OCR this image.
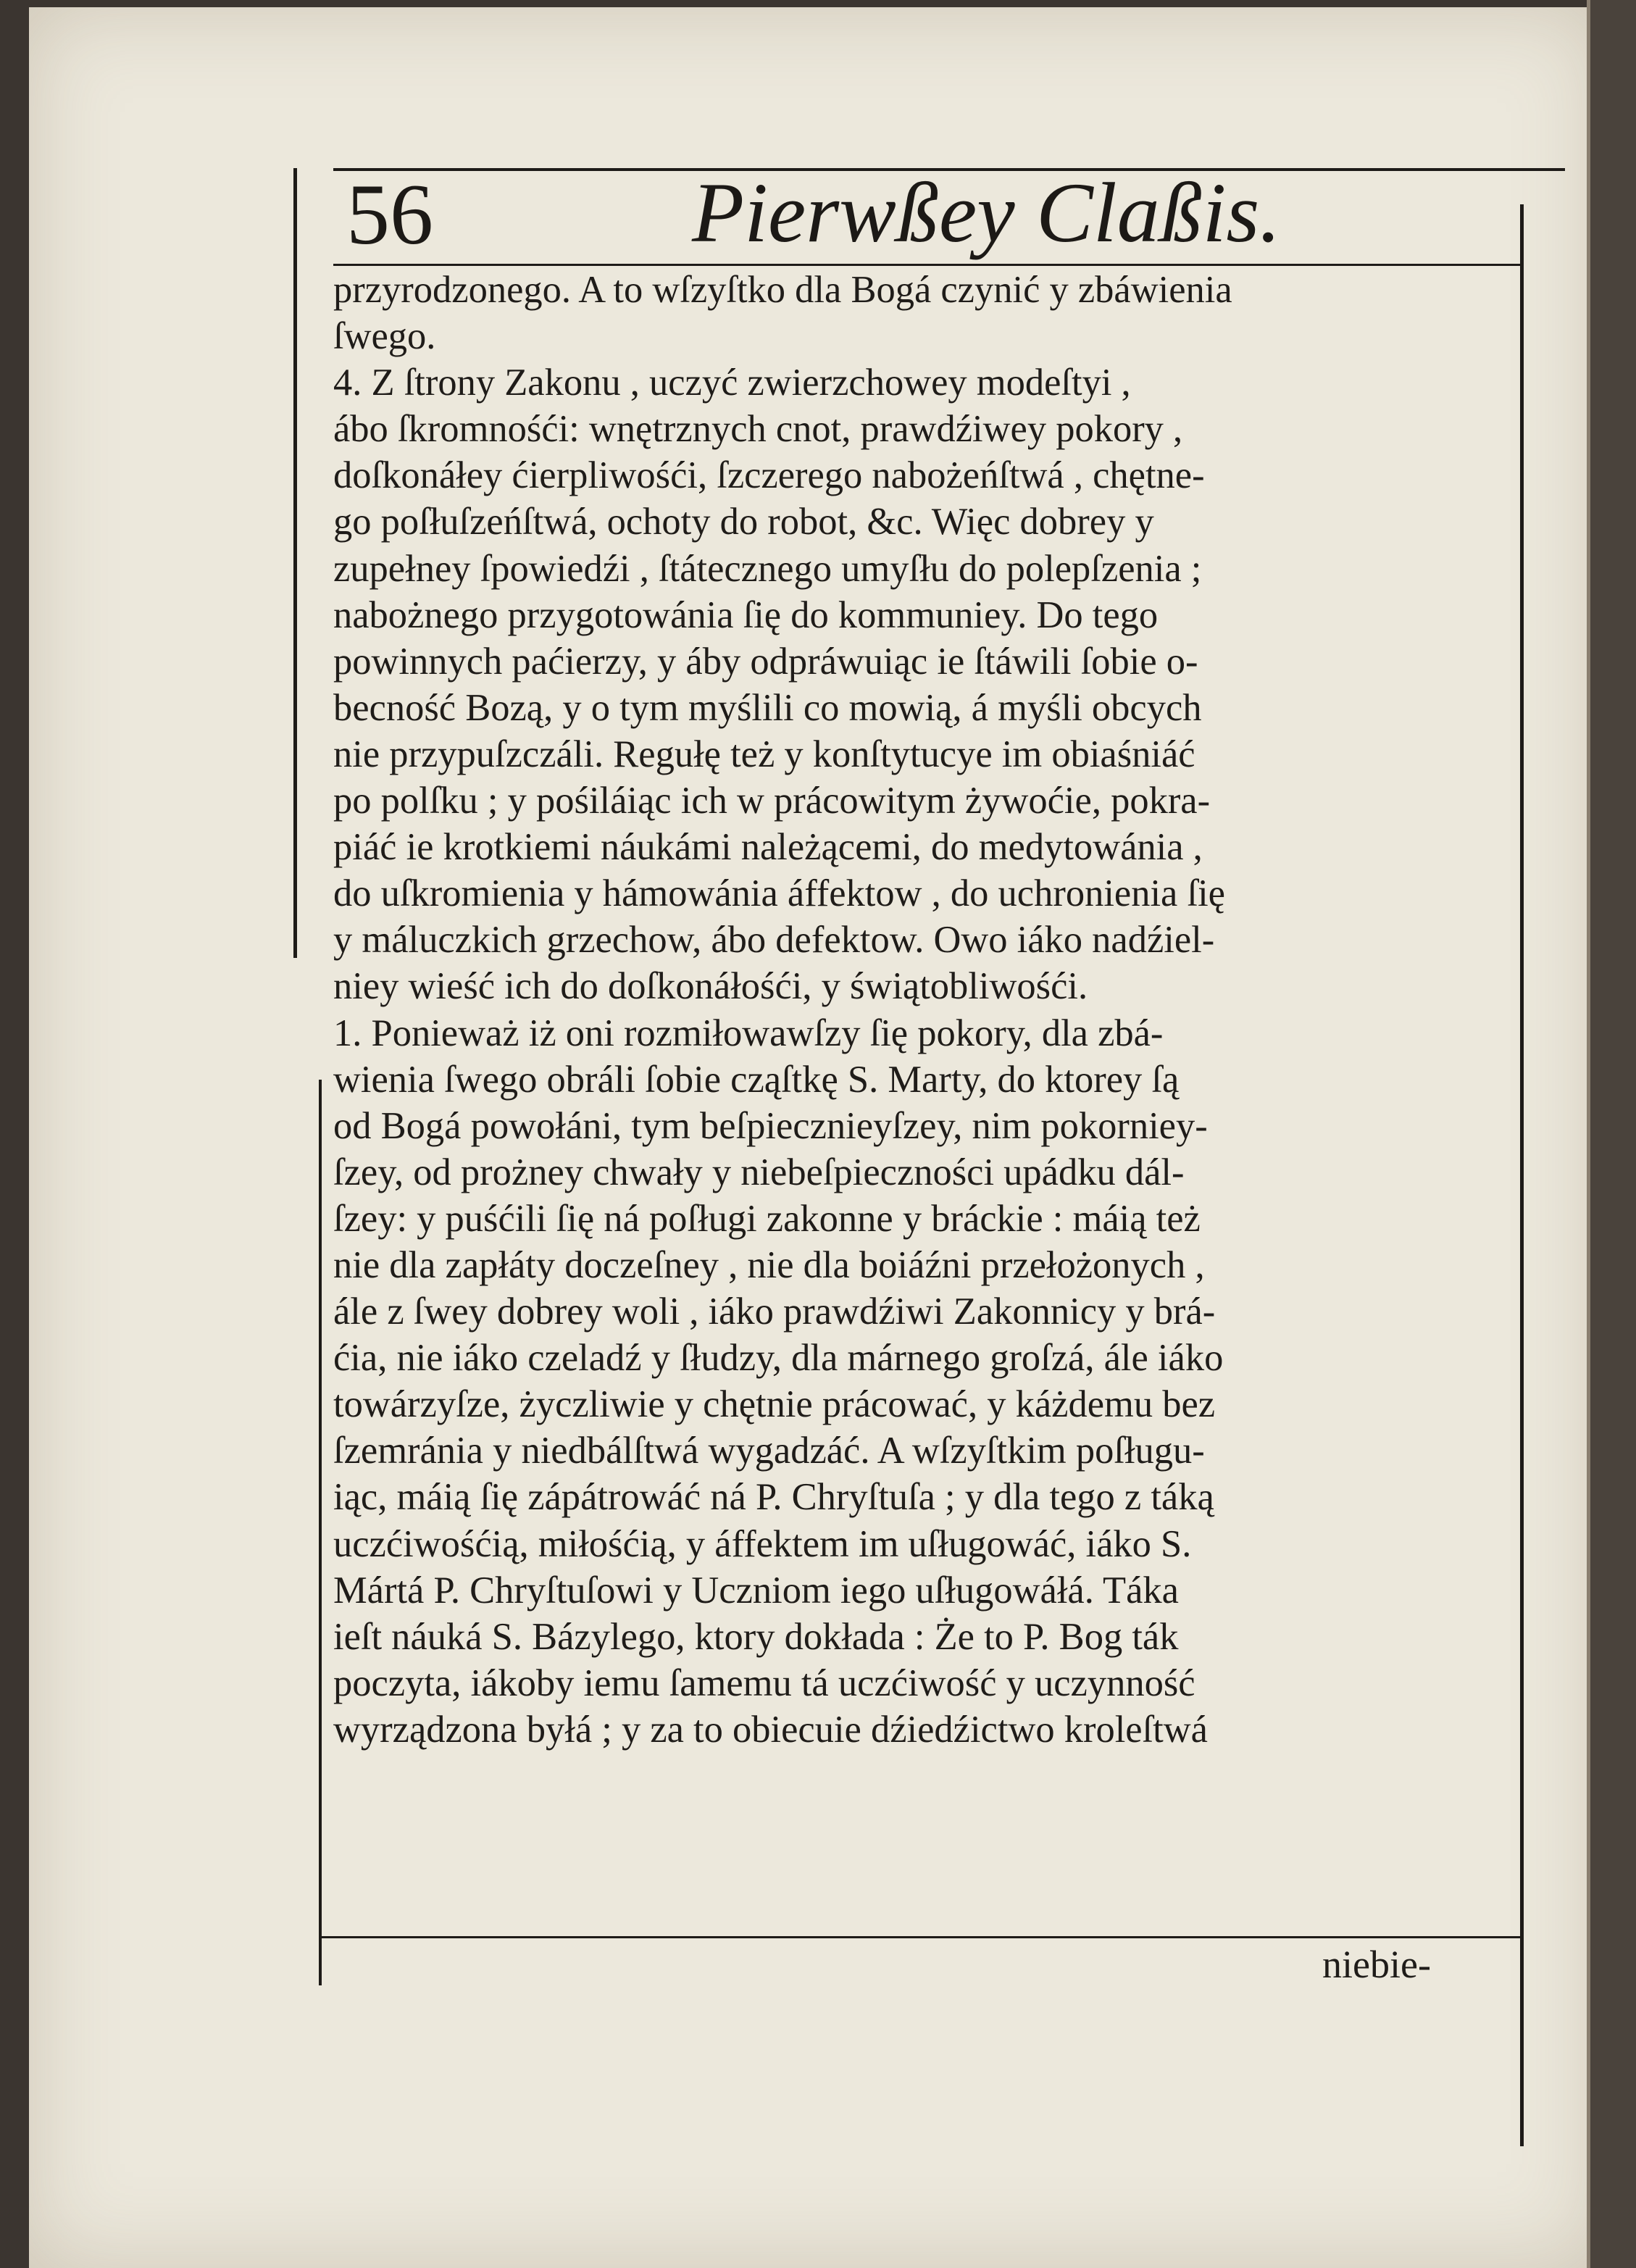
56	Pierwßey Claßis.
przyrodzonego. A to wſzyſtko dla Bogá czynić y zbáwienia
ſwego.
4. Z ſtrony Zakonu , uczyć zwierzchowey modeſtyi ,
ábo ſkromnośći: wnętrznych cnot, prawdźiwey pokory ,
doſkonáłey ćierpliwośći, ſzczerego nabożeńſtwá , chętne-
go poſłuſzeńſtwá, ochoty do robot, &c. Więc dobrey y
zupełney ſpowiedźi , ſtátecznego umyſłu do polepſzenia ;
nabożnego przygotowánia ſię do kommuniey. Do tego
powinnych paćierzy, y áby odpráwuiąc ie ſtáwili ſobie o-
becność Bozą, y o tym myślili co mowią, á myśli obcych
nie przypuſzczáli. Regułę też y konſtytucye im obiaśniáć
po polſku ; y pośiláiąc ich w prácowitym żywoćie, pokra-
piáć ie krotkiemi náukámi należącemi, do medytowánia ,
do uſkromienia y hámowánia áffektow , do uchronienia ſię
y máluczkich grzechow, ábo defektow. Owo iáko nadźiel-
niey wieść ich do doſkonáłośći, y świątobliwośći.
1. Ponieważ iż oni rozmiłowawſzy ſię pokory, dla zbá-
wienia ſwego obráli ſobie cząſtkę S. Marty, do ktorey ſą
od Bogá powołáni, tym beſpiecznieyſzey, nim pokorniey-
ſzey, od prożney chwały y niebeſpieczności upádku dál-
ſzey: y puśćili ſię ná poſługi zakonne y bráckie : máią też
nie dla zapłáty doczeſney , nie dla boiáźni przełożonych ,
ále z ſwey dobrey woli , iáko prawdźiwi Zakonnicy y brá-
ćia, nie iáko czeladź y ſłudzy, dla márnego groſzá, ále iáko
towárzyſze, życzliwie y chętnie prácować, y káżdemu bez
ſzemránia y niedbálſtwá wygadzáć. A wſzyſtkim poſługu-
iąc, máią ſię zápátrowáć ná P. Chryſtuſa ; y dla tego z táką
uczćiwośćią, miłośćią, y áffektem im uſługowáć, iáko S.
Mártá P. Chryſtuſowi y Uczniom iego uſługowáłá. Táka
ieſt náuká S. Bázylego, ktory dokłada : Że to P. Bog ták
poczyta, iákoby iemu ſamemu tá uczćiwość y uczynność
wyrządzona byłá ; y za to obiecuie dźiedźictwo kroleſtwá
niebie-
